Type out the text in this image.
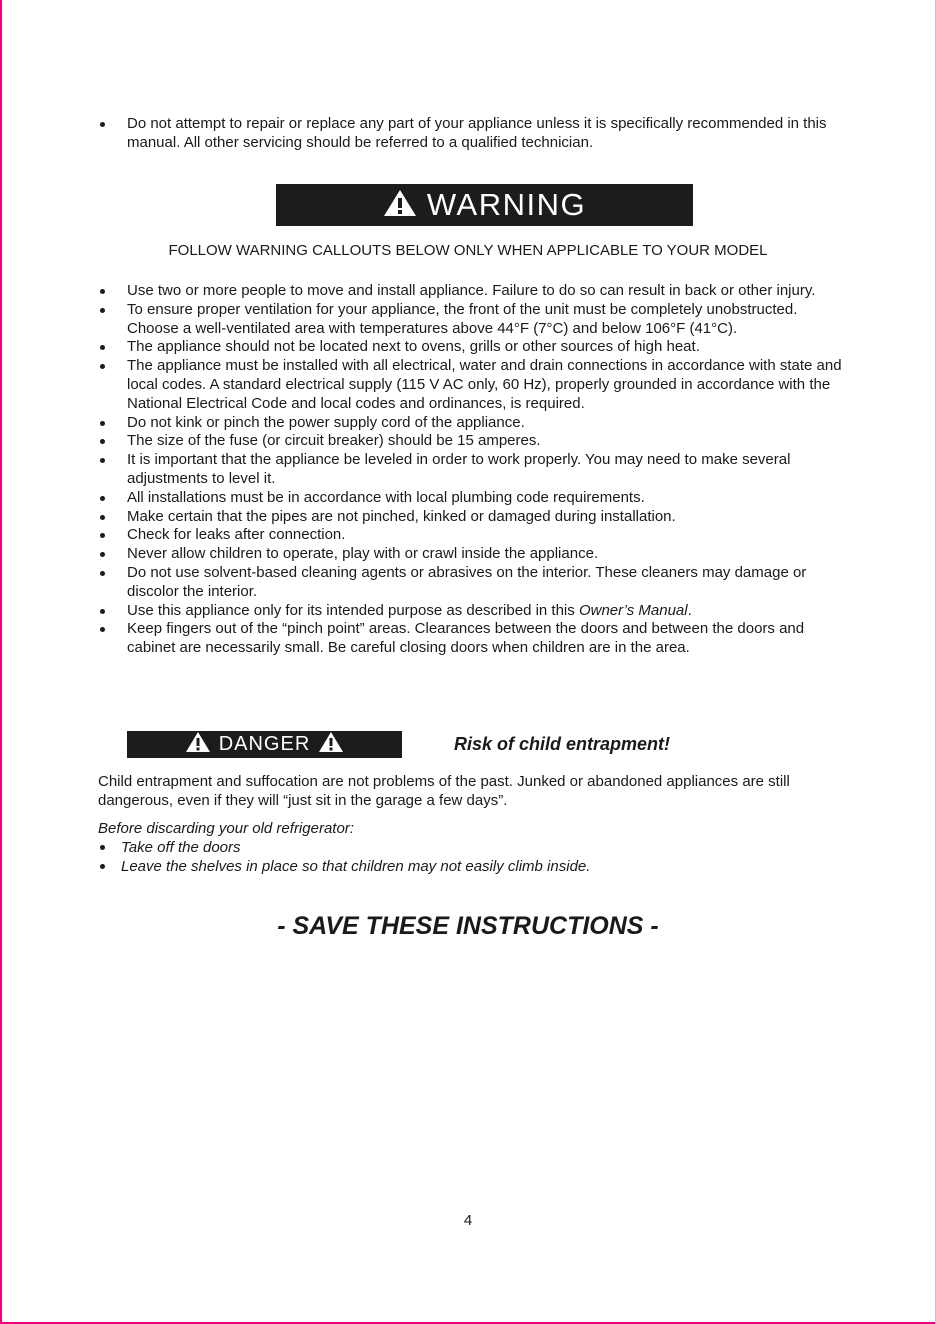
Do not attempt to repair or replace any part of your appliance unless it is specifically recommended in this manual. All other servicing should be referred to a qualified technician.
WARNING
FOLLOW WARNING CALLOUTS BELOW ONLY WHEN APPLICABLE TO YOUR MODEL
Use two or more people to move and install appliance. Failure to do so can result in back or other injury.
To ensure proper ventilation for your appliance, the front of the unit must be completely unobstructed. Choose a well-ventilated area with temperatures above 44°F (7°C) and below 106°F (41°C).
The appliance should not be located next to ovens, grills or other sources of high heat.
The appliance must be installed with all electrical, water and drain connections in accordance with state and local codes. A standard electrical supply (115 V AC only, 60 Hz), properly grounded in accordance with the National Electrical Code and local codes and ordinances, is required.
Do not kink or pinch the power supply cord of the appliance.
The size of the fuse (or circuit breaker) should be 15 amperes.
It is important that the appliance be leveled in order to work properly. You may need to make several adjustments to level it.
All installations must be in accordance with local plumbing code requirements.
Make certain that the pipes are not pinched, kinked or damaged during installation.
Check for leaks after connection.
Never allow children to operate, play with or crawl inside the appliance.
Do not use solvent-based cleaning agents or abrasives on the interior. These cleaners may damage or discolor the interior.
Use this appliance only for its intended purpose as described in this Owner’s Manual.
Keep fingers out of the “pinch point” areas. Clearances between the doors and between the doors and cabinet are necessarily small. Be careful closing doors when children are in the area.
DANGER	Risk of child entrapment!
Child entrapment and suffocation are not problems of the past. Junked or abandoned appliances are still dangerous, even if they will “just sit in the garage a few days”.
Before discarding your old refrigerator:
Take off the doors
Leave the shelves in place so that children may not easily climb inside.
- SAVE THESE INSTRUCTIONS -
4
